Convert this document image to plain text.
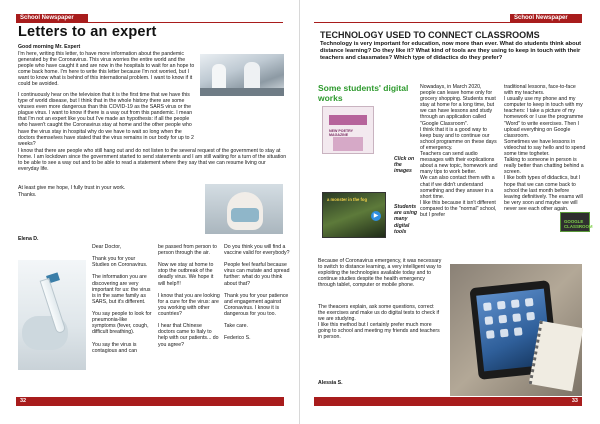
School Newspaper
Letters to an expert
Good morning Mr. Expert
I'm here, writing this letter, to have more information about the pandemic generated by the Coronavirus. This virus worries the entire world and the people who have caught it and are now in the hospitals to wait for an hope to come back home. I'm here to write this letter because I'm not worried, but I want to know what is behind of this international problem. I want to know if it could be avoided.
I continuously hear on the television that it is the first time that we have this type of world disease, but I think that in the whole history there are some viruses even more dangerous than this COVID-19 as the SARS virus or the plague virus. I want to know if there is a way out from this pandemic. I mean that I'm not an expert like you but I've made an hypothesis: if all the people who haven't caught the Coronavirus stay at home and the other people who have the virus stay in hospital why do we have to wait so long when the doctors themselves have stated that the virus remains in our body for up to 2 weeks?
I know that there are people who still hang out and do not listen to the several request of the government to stay at home. I am lockdown since the government started to send statements and I am still waiting for a turn of the situation to be able to see a way out and to be able to read a statement where they say that we can resume living our everyday life.
At least give me hope, I fully trust in your work.
Thanks.
Elena D.
Dear Doctor,

Thank you for your Studies on Coronavirus.

The information you are discovering are very important for us: the virus is in the same family as SARS, but it's different.

You say people to look for pneumonia-like symptoms (fever, cough, difficult breathing).

You say the virus is contagious and can
be passed from person to person through the air.

Now we stay at home to stop the outbreak of the deadly virus. We hope it will help!!!

I know that you are looking for a cure for the virus: are you working with other countries?

I hear that Chinese doctors came to Italy to help with our patients... do you agree?
Do you think you will find a vaccine valid for everybody?

People feel fearful because virus can mutate and spread further: what do you think about that?

Thank you for your patience and engagement against Coronavirus. I know it is dangerous for you too.

Take care.

Federico S.
32
School Newspaper
TECHNOLOGY USED TO CONNECT CLASSROOMS
Technology is very important for education, now more than ever. What do students think about distance learning? Do they like it? What kind of tools are they using to keep in touch with their teachers and classmates? Which type of didactics do they prefer?
Some students' digital works
NEW POETRY MAGAZINE
Click on the images
a monster in the fog
▶
Students are using many digital tools
Nowadays, in March 2020, people can leave home only for grocery shopping. Students must stay at home for a long time, but we can have lessons and study through an application called "Google Classroom".
I think that it is a good way to keep busy and to continue our school programme on these days of emergency.
Teachers can send audio messages with their explications about a new topic, homework and many tips to work better.
We can also contact them with a chat if we didn't understand something and they answer in a short time.
I like this because it isn't different compared to the "normal" school, but I prefer
traditional lessons, face-to-face with my teachers.
I usually use my phone and my computer to keep in touch with my teachers: I take a picture of my homework or I use the programme "Word" to write exercises. Then I upload everything on Google classroom.
Sometimes we have lessons in videochat to say hello and to spend some time togheter.
Talking to someone in person is really better than chatting behind a screen.
I like both types of didactics, but I hope that we can come back to school the last month before leaving definitively. The exams will be very soon and maybe we will never see each other again.
GOOGLE CLASSROOM
Because of Coronavirus emergency, it was necessary to switch to distance learning, a very intelligent way to exploiting the technologies available today and to continue studies despite the health emergency through tablet, computer or mobile phone.
The theacers explain, ask some questions, correct the exercises and make us do digital tests to check if we are studying.
I like this method but I certainly prefer much more going to school and meeting my friends and teachers in person.
Alessia S.
33
